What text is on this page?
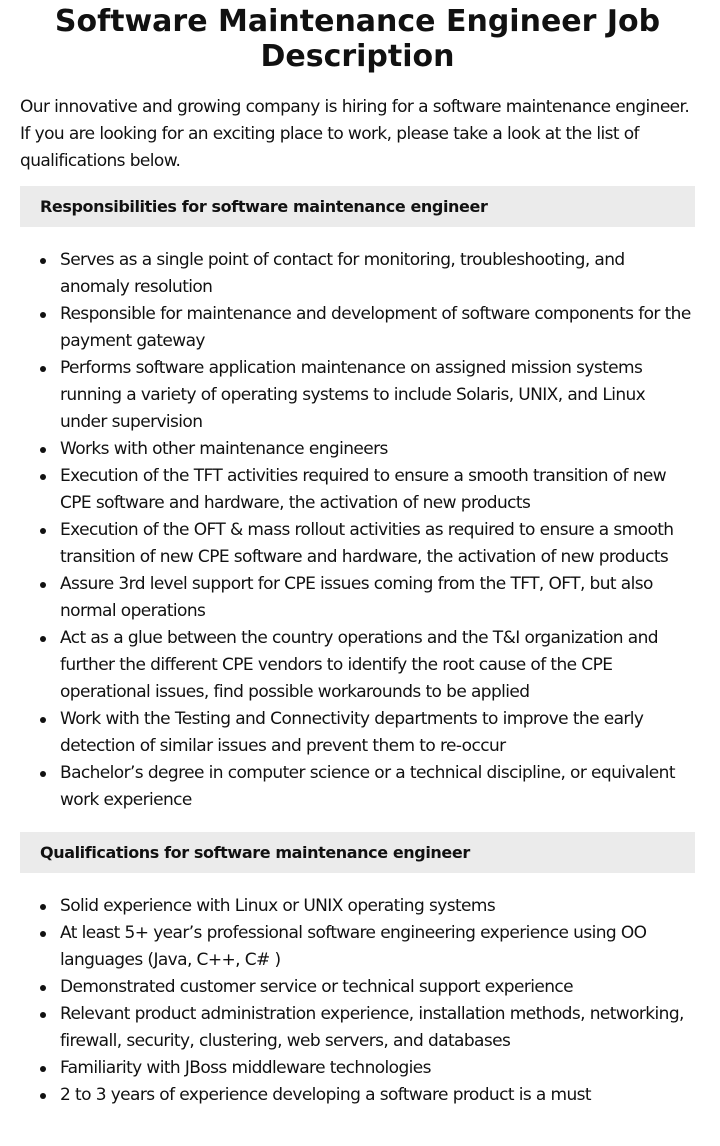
Software Maintenance Engineer Job Description

Our innovative and growing company is hiring for a software maintenance engineer. If you are looking for an exciting place to work, please take a look at the list of qualifications below.

Responsibilities for software maintenance engineer
Serves as a single point of contact for monitoring, troubleshooting, and anomaly resolution
Responsible for maintenance and development of software components for the payment gateway
Performs software application maintenance on assigned mission systems running a variety of operating systems to include Solaris, UNIX, and Linux under supervision
Works with other maintenance engineers
Execution of the TFT activities required to ensure a smooth transition of new CPE software and hardware, the activation of new products
Execution of the OFT & mass rollout activities as required to ensure a smooth transition of new CPE software and hardware, the activation of new products
Assure 3rd level support for CPE issues coming from the TFT, OFT, but also normal operations
Act as a glue between the country operations and the T&I organization and further the different CPE vendors to identify the root cause of the CPE operational issues, find possible workarounds to be applied
Work with the Testing and Connectivity departments to improve the early detection of similar issues and prevent them to re-occur
Bachelor’s degree in computer science or a technical discipline, or equivalent work experience
Qualifications for software maintenance engineer
Solid experience with Linux or UNIX operating systems
At least 5+ year’s professional software engineering experience using OO languages (Java, C++, C# )
Demonstrated customer service or technical support experience
Relevant product administration experience, installation methods, networking, firewall, security, clustering, web servers, and databases
Familiarity with JBoss middleware technologies
2 to 3 years of experience developing a software product is a must
